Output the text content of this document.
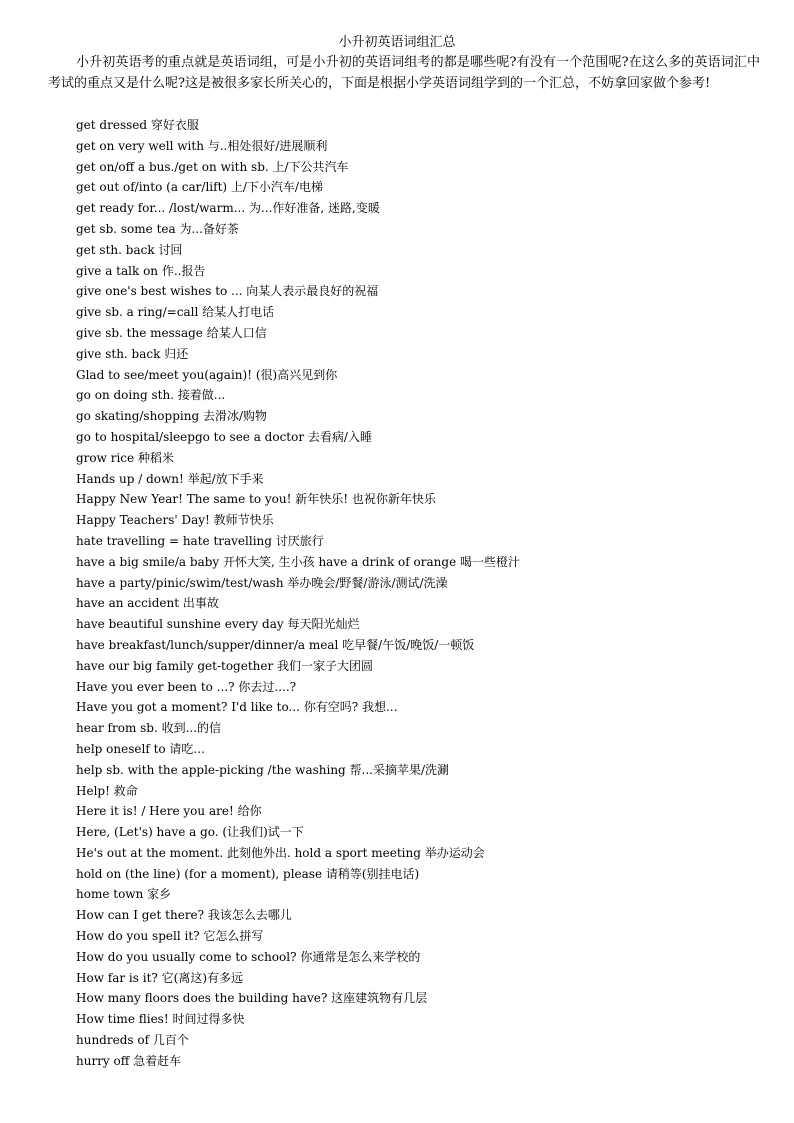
小升初英语词组汇总
小升初英语考的重点就是英语词组，可是小升初的英语词组考的都是哪些呢?有没有一个范围呢?在这么多的英语词汇中考试的重点又是什么呢?这是被很多家长所关心的，下面是根据小学英语词组学到的一个汇总，不妨拿回家做个参考!
get dressed 穿好衣服
get on very well with 与..相处很好/进展顺利
get on/off a bus./get on with sb. 上/下公共汽车
get out of/into (a car/lift) 上/下小汽车/电梯
get ready for... /lost/warm... 为...作好准备, 迷路,变暖
get sb. some tea 为...备好茶
get sth. back 讨回
give a talk on 作..报告
give one's best wishes to ... 向某人表示最良好的祝福
give sb. a ring/=call 给某人打电话
give sb. the message 给某人口信
give sth. back 归还
Glad to see/meet you(again)! (很)高兴见到你
go on doing sth. 接着做...
go skating/shopping 去滑冰/购物
go to hospital/sleepgo to see a doctor 去看病/入睡
grow rice 种稻米
Hands up / down! 举起/放下手来
Happy New Year! The same to you! 新年快乐! 也祝你新年快乐
Happy Teachers' Day! 教师节快乐
hate travelling = hate travelling 讨厌旅行
have a big smile/a baby 开怀大笑, 生小孩 have a drink of orange 喝一些橙汁
have a party/pinic/swim/test/wash 举办晚会/野餐/游泳/测试/洗澡
have an accident 出事故
have beautiful sunshine every day 每天阳光灿烂
have breakfast/lunch/supper/dinner/a meal 吃早餐/午饭/晚饭/一顿饭
have our big family get-together 我们一家子大团圆
Have you ever been to ...? 你去过....?
Have you got a moment? I'd like to... 你有空吗? 我想...
hear from sb. 收到...的信
help oneself to 请吃...
help sb. with the apple-picking /the washing 帮...采摘苹果/洗涮
Help! 救命
Here it is! / Here you are! 给你
Here, (Let's) have a go. (让我们)试一下
He's out at the moment. 此刻他外出. hold a sport meeting 举办运动会
hold on (the line) (for a moment), please 请稍等(别挂电话)
home town 家乡
How can I get there? 我该怎么去哪儿
How do you spell it? 它怎么拼写
How do you usually come to school? 你通常是怎么来学校的
How far is it? 它(离这)有多远
How many floors does the building have? 这座建筑物有几层
How time flies! 时间过得多快
hundreds of 几百个
hurry off 急着赶车
